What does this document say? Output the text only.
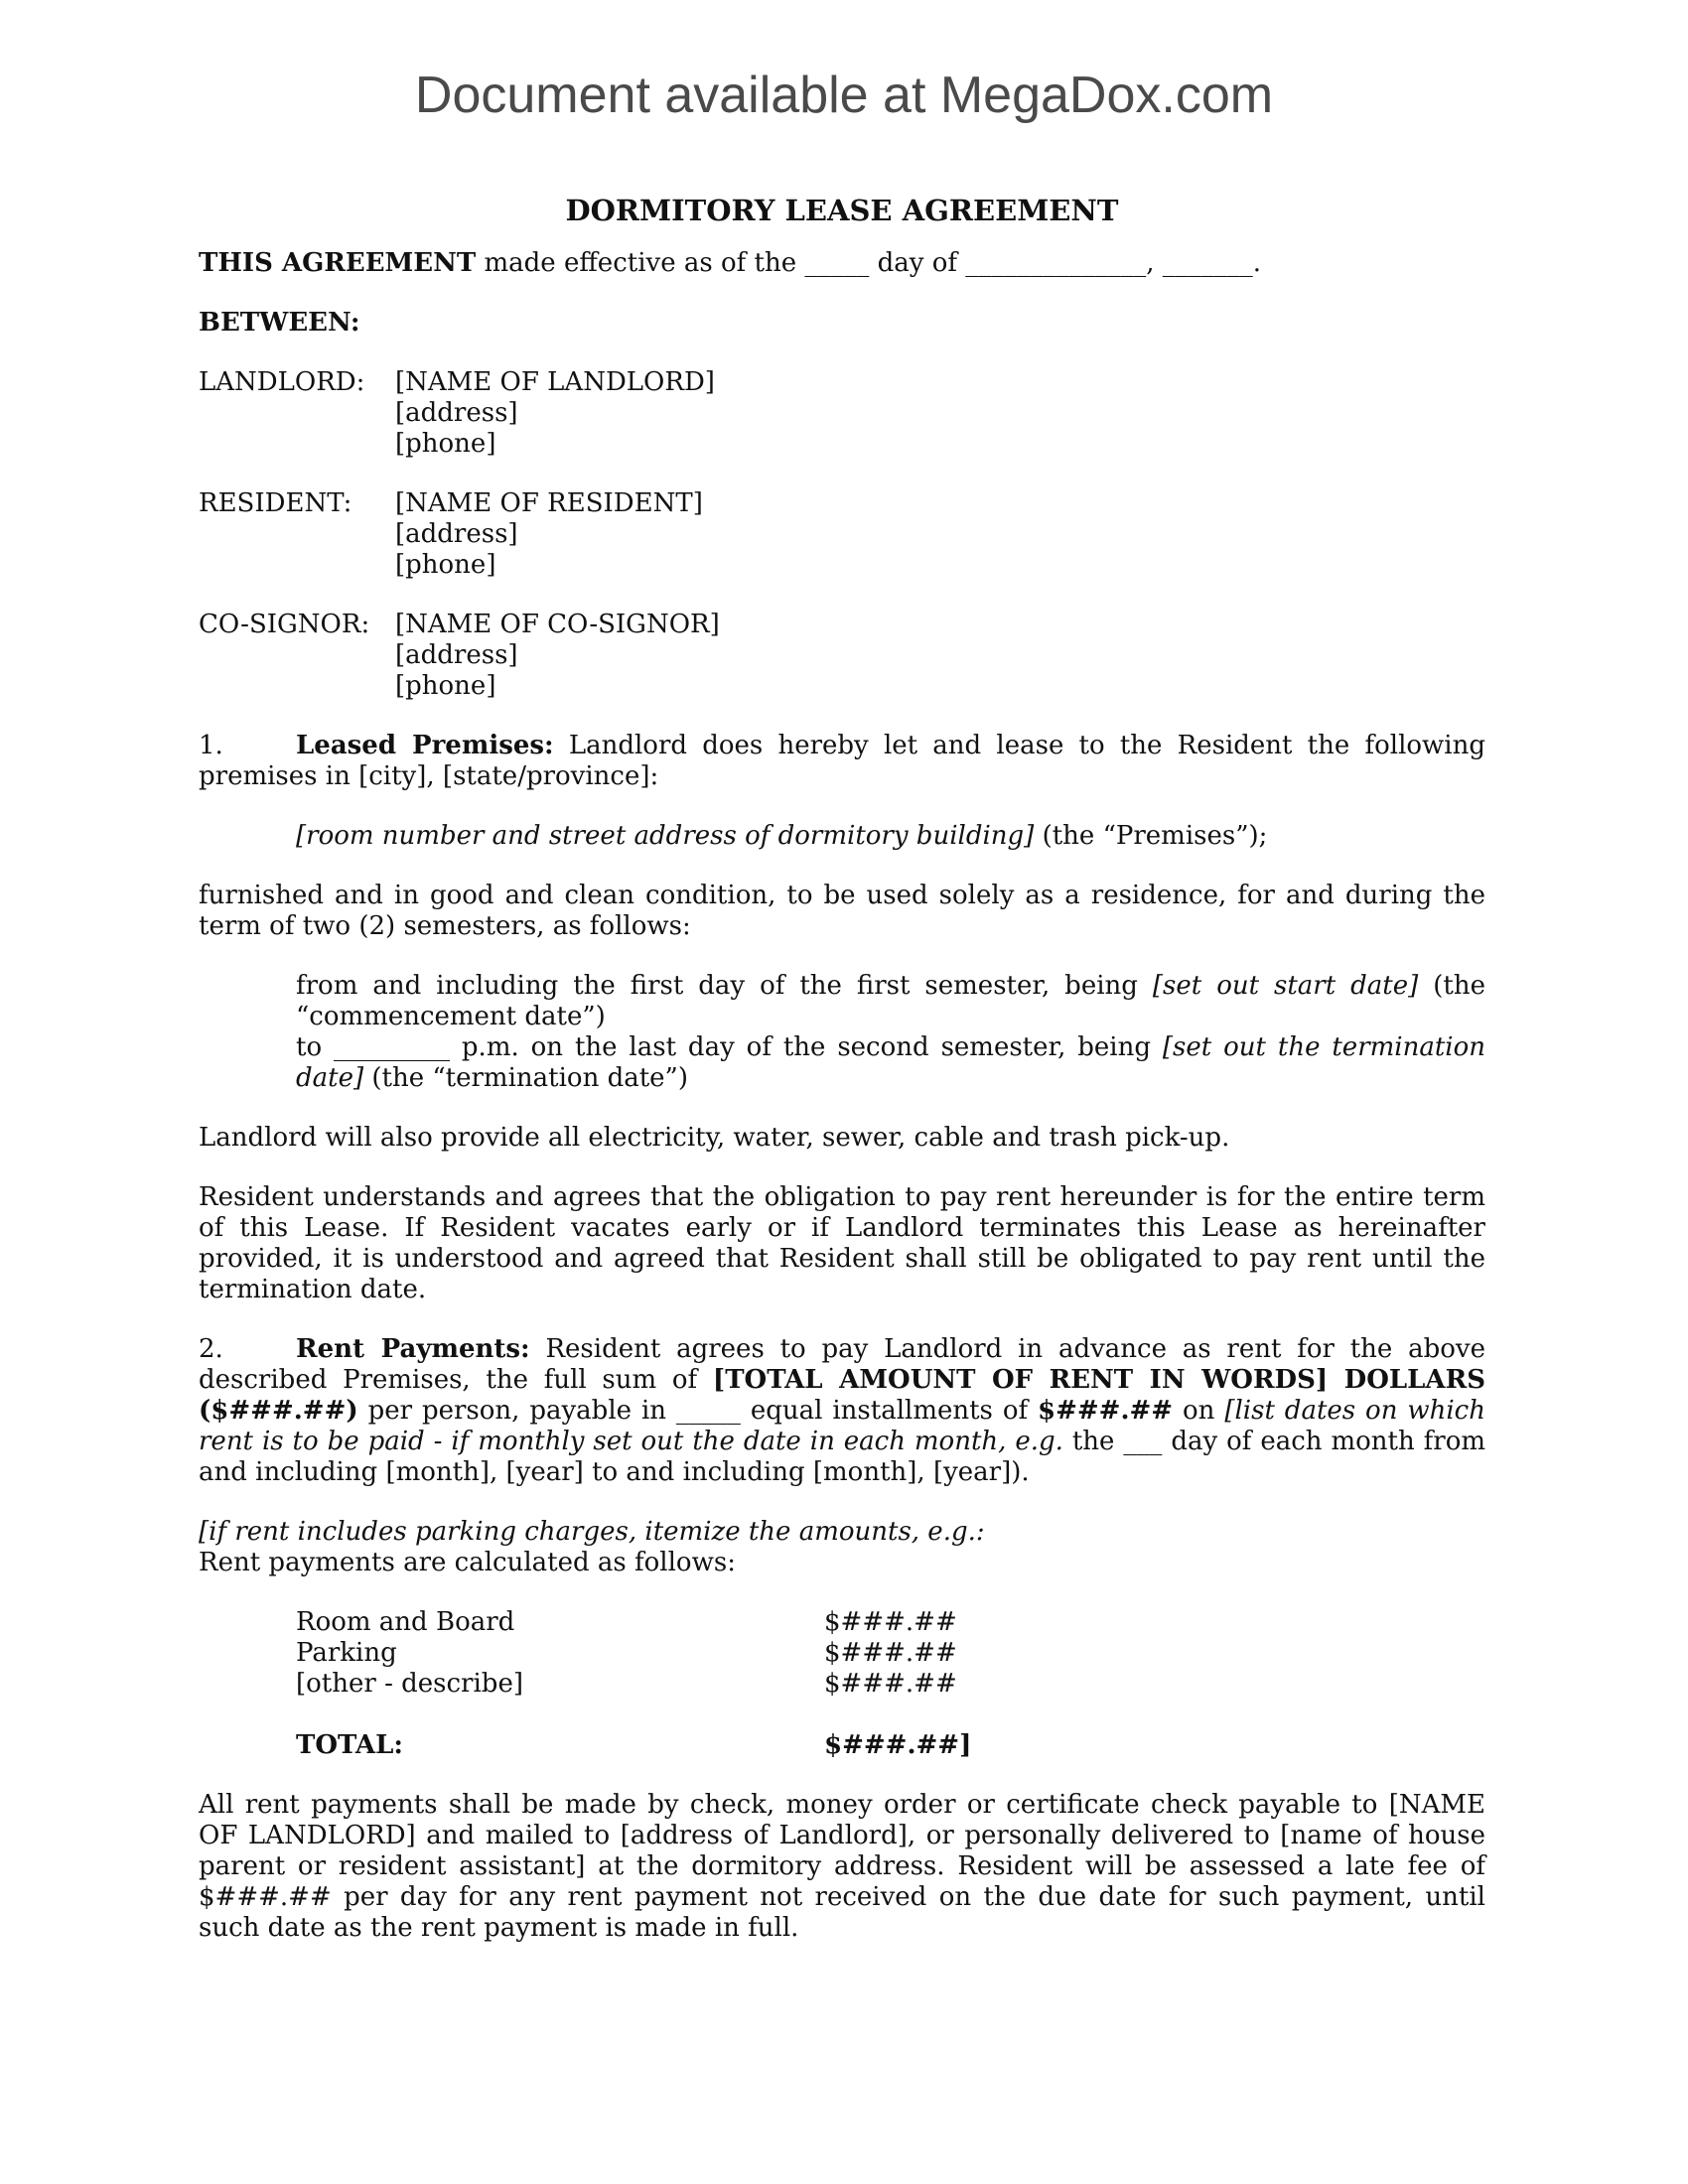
Document available at MegaDox.com
DORMITORY LEASE AGREEMENT

THIS AGREEMENT made effective as of the _____ day of ______________, _______.

BETWEEN:

LANDLORD:	[NAME OF LANDLORD]
[address]
[phone]
RESIDENT:	[NAME OF RESIDENT]
[address]
[phone]
CO-SIGNOR: [NAME OF CO-SIGNOR]
[address]
[phone]

1.	Leased Premises: Landlord does hereby let and lease to the Resident the following premises in [city], [state/province]:

[room number and street address of dormitory building] (the “Premises”);

furnished and in good and clean condition, to be used solely as a residence, for and during the term of two (2) semesters, as follows:

from and including the first day of the first semester, being [set out start date] (the “commencement date”)

to _________ p.m. on the last day of the second semester, being [set out the termination date] (the “termination date”)

Landlord will also provide all electricity, water, sewer, cable and trash pick-up.

Resident understands and agrees that the obligation to pay rent hereunder is for the entire term of this Lease. If Resident vacates early or if Landlord terminates this Lease as hereinafter provided, it is understood and agreed that Resident shall still be obligated to pay rent until the termination date.

2.	Rent Payments: Resident agrees to pay Landlord in advance as rent for the above described Premises, the full sum of [TOTAL AMOUNT OF RENT IN WORDS] DOLLARS ($###.##) per person, payable in _____ equal installments of $###.## on [list dates on which rent is to be paid - if monthly set out the date in each month, e.g. the ___ day of each month from and including [month], [year] to and including [month], [year]).

[if rent includes parking charges, itemize the amounts, e.g.:

Rent payments are calculated as follows:

Room and Board	$###.##
Parking	$###.##
[other - describe]	$###.##
TOTAL:	$###.##]

All rent payments shall be made by check, money order or certificate check payable to [NAME OF LANDLORD] and mailed to [address of Landlord], or personally delivered to [name of house parent or resident assistant] at the dormitory address. Resident will be assessed a late fee of $###.## per day for any rent payment not received on the due date for such payment, until such date as the rent payment is made in full.
